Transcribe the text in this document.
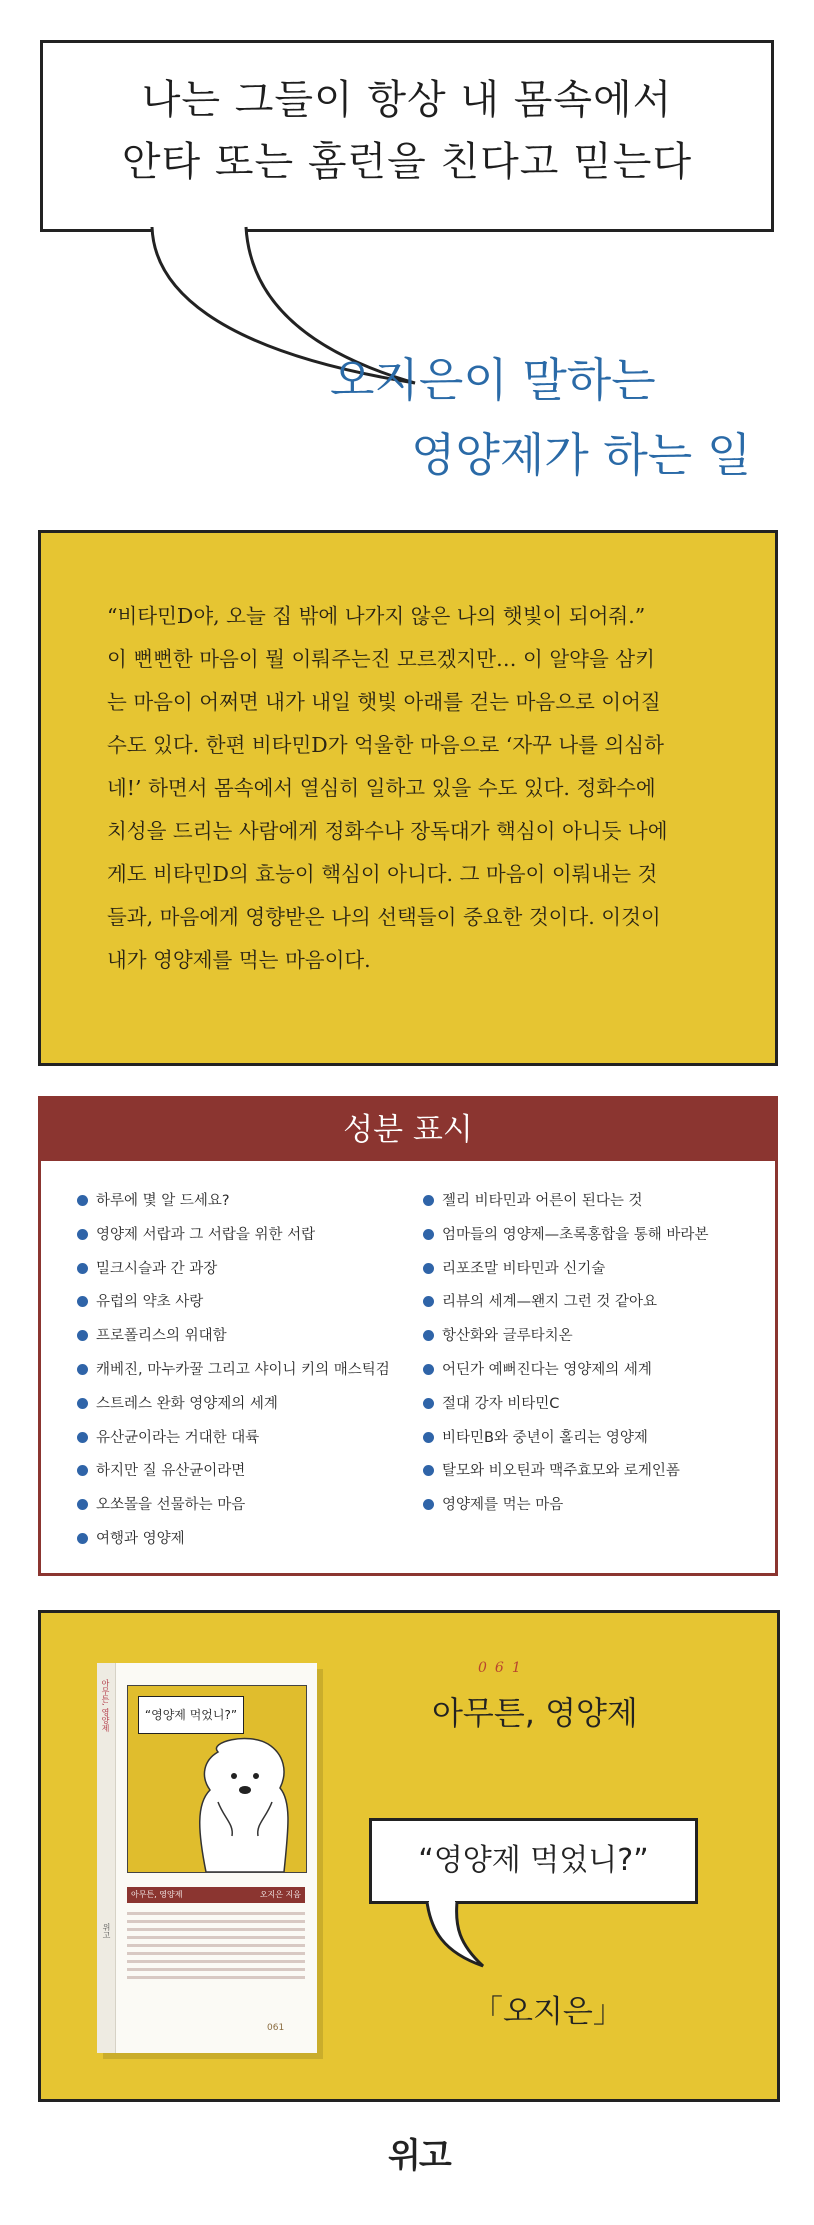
나는 그들이 항상 내 몸속에서
안타 또는 홈런을 친다고 믿는다
오지은이 말하는
영양제가 하는 일
“비타민D야, 오늘 집 밖에 나가지 않은 나의 햇빛이 되어줘.”
이 뻔뻔한 마음이 뭘 이뤄주는진 모르겠지만… 이 알약을 삼키
는 마음이 어쩌면 내가 내일 햇빛 아래를 걷는 마음으로 이어질
수도 있다. 한편 비타민D가 억울한 마음으로 ‘자꾸 나를 의심하
네!’ 하면서 몸속에서 열심히 일하고 있을 수도 있다. 정화수에
치성을 드리는 사람에게 정화수나 장독대가 핵심이 아니듯 나에
게도 비타민D의 효능이 핵심이 아니다. 그 마음이 이뤄내는 것
들과, 마음에게 영향받은 나의 선택들이 중요한 것이다. 이것이
내가 영양제를 먹는 마음이다.
성분 표시
하루에 몇 알 드세요?
영양제 서랍과 그 서랍을 위한 서랍
밀크시슬과 간 과장
유럽의 약초 사랑
프로폴리스의 위대함
캐베진, 마누카꿀 그리고 샤이니 키의 매스틱검
스트레스 완화 영양제의 세계
유산균이라는 거대한 대륙
하지만 질 유산균이라면
오쏘몰을 선물하는 마음
여행과 영양제
젤리 비타민과 어른이 된다는 것
엄마들의 영양제—초록홍합을 통해 바라본
리포조말 비타민과 신기술
리뷰의 세계—왠지 그런 것 같아요
항산화와 글루타치온
어딘가 예뻐진다는 영양제의 세계
절대 강자 비타민C
비타민B와 중년이 홀리는 영양제
탈모와 비오틴과 맥주효모와 로게인폼
영양제를 먹는 마음
아무튼, 영양제
위고
“영양제 먹었니?”
아무튼, 영양제	오지은 지음
061
061
아무튼, 영양제
“영양제 먹었니?”
「오지은」
위고
